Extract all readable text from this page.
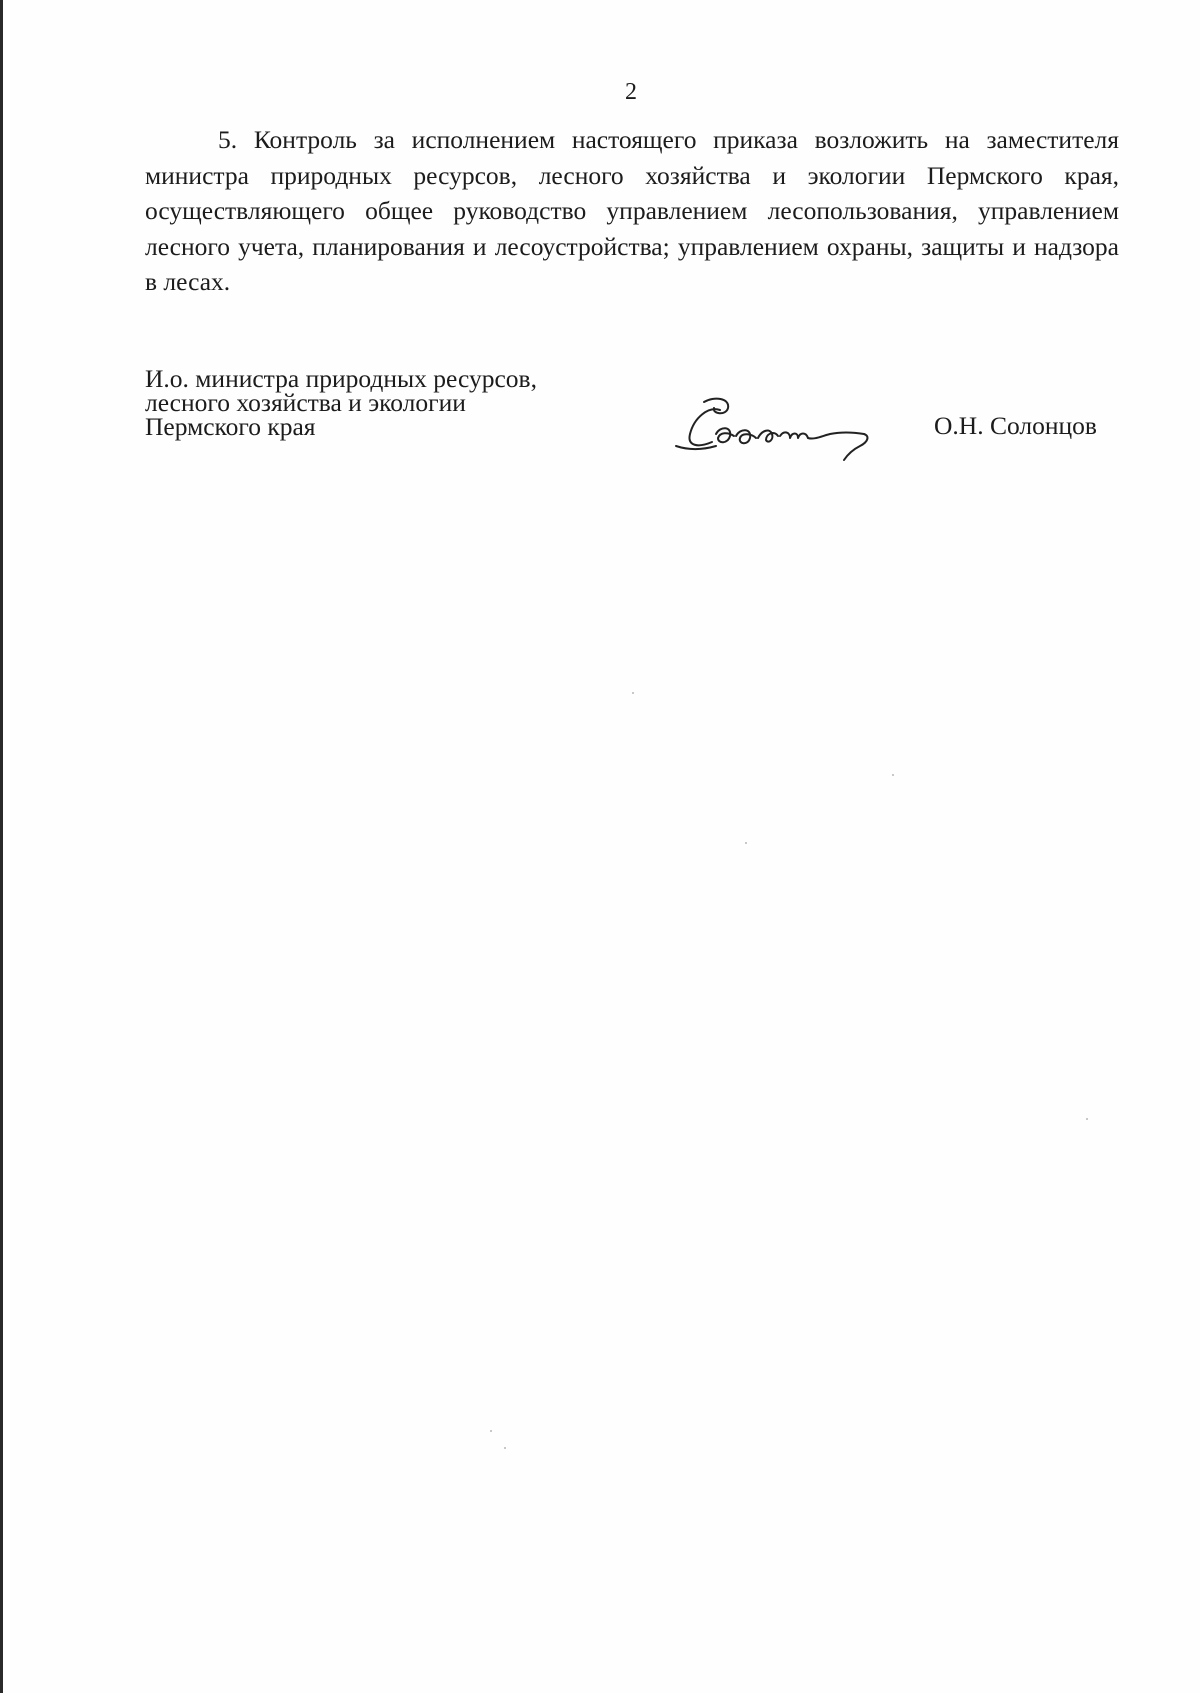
2

5. Контроль за исполнением настоящего приказа возложить на заместителя министра природных ресурсов, лесного хозяйства и экологии Пермского края, осуществляющего общее руководство управлением лесопользования, управлением лесного учета, планирования и лесоустройства; управлением охраны, защиты и надзора в лесах.

И.о. министра природных ресурсов,
лесного хозяйства и экологии
Пермского края	О.Н. Солонцов
